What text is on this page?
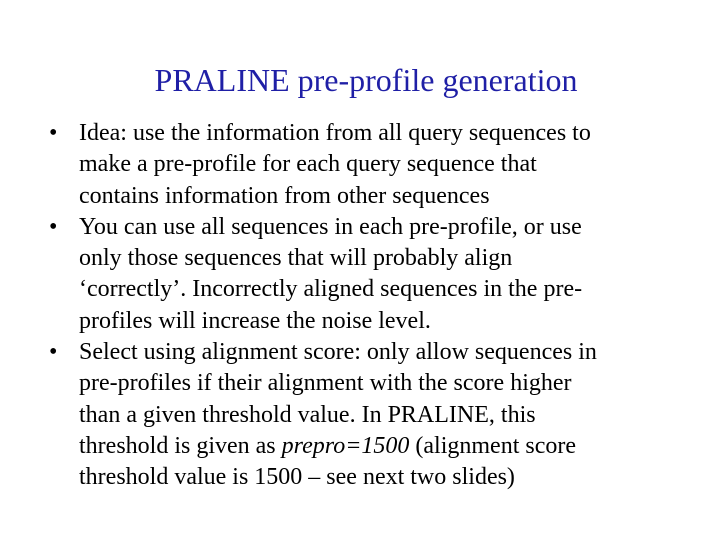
PRALINE pre-profile generation
• Idea: use the information from all query sequences to
make a pre-profile for each query sequence that
contains information from other sequences
• You can use all sequences in each pre-profile, or use
only those sequences that will probably align
‘correctly’. Incorrectly aligned sequences in the pre-
profiles will increase the noise level.
• Select using alignment score: only allow sequences in
pre-profiles if their alignment with the score higher
than a given threshold value. In PRALINE, this
threshold is given as prepro=1500 (alignment score
threshold value is 1500 – see next two slides)
